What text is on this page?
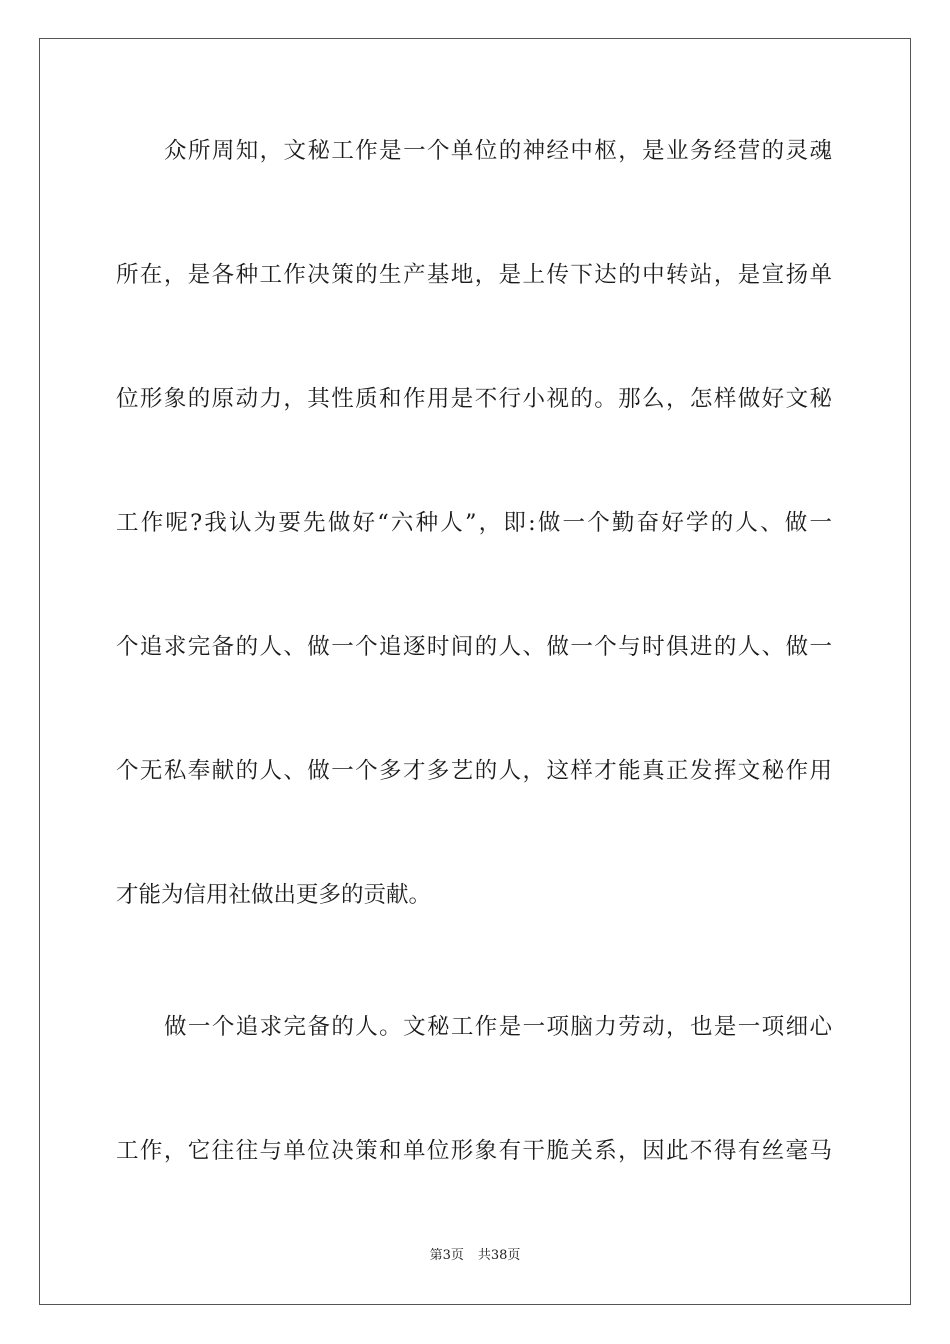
众所周知，文秘工作是一个单位的神经中枢，是业务经营的灵魂
所在，是各种工作决策的生产基地，是上传下达的中转站，是宣扬单
位形象的原动力，其性质和作用是不行小视的。那么，怎样做好文秘
工作呢?我认为要先做好“六种人”，即:做一个勤奋好学的人、做一
个追求完备的人、做一个追逐时间的人、做一个与时俱进的人、做一
个无私奉献的人、做一个多才多艺的人，这样才能真正发挥文秘作用
才能为信用社做出更多的贡献。
做一个追求完备的人。文秘工作是一项脑力劳动，也是一项细心
工作，它往往与单位决策和单位形象有干脆关系，因此不得有丝毫马
第3页 共38页
